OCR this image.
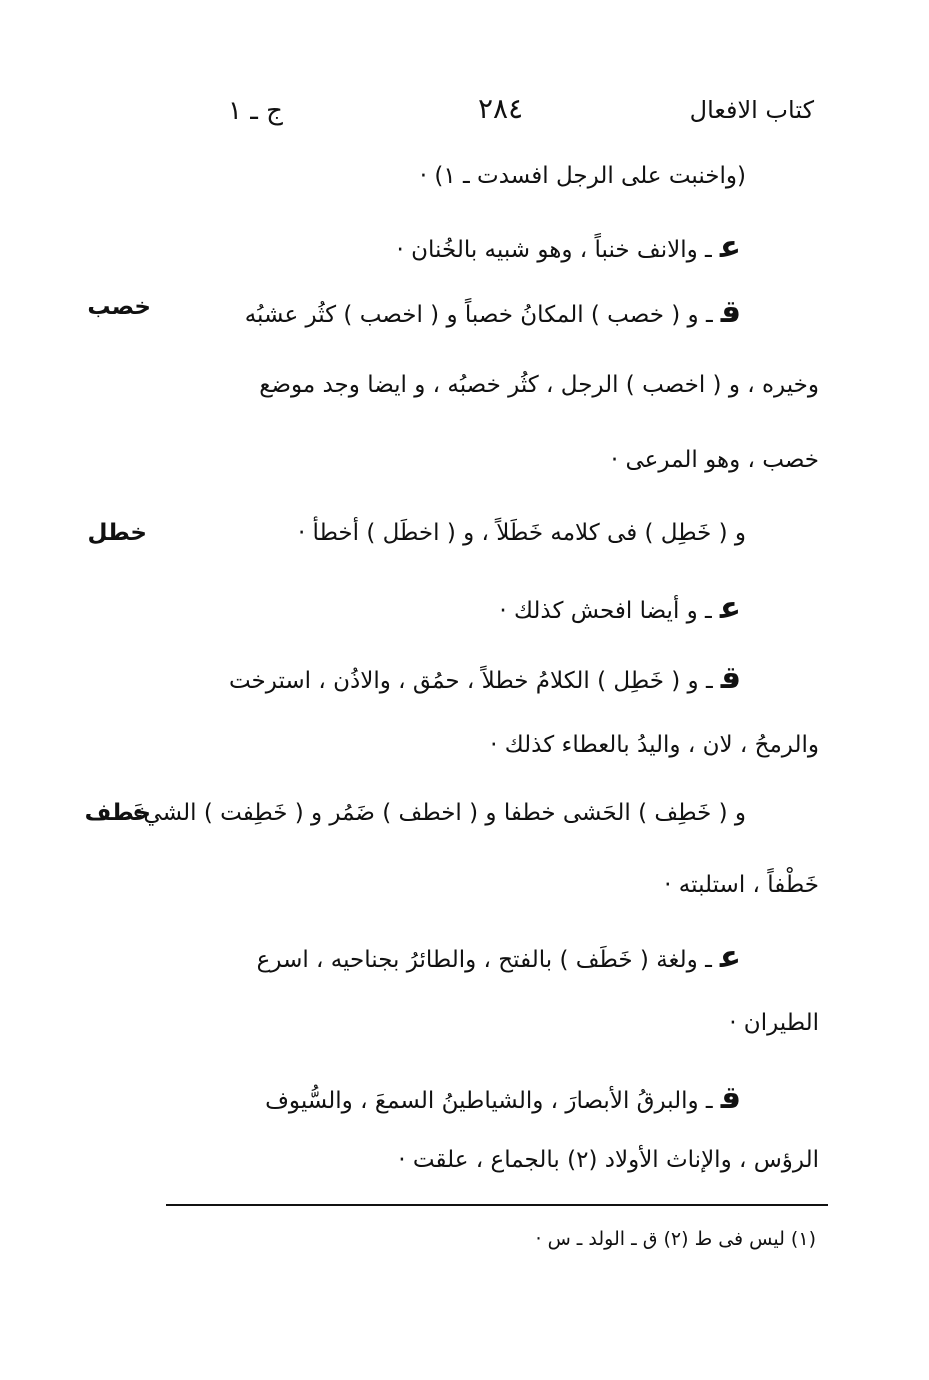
كتاب الافعال
٢٨٤
ج ـ ١
(واخنبت على الرجل افسدت ـ ١) ·
عـ والانف خنباً ، وهو شبيه بالخُنان ·
قـ و ( خصب ) المكانُ خصباً و ( اخصب ) كثُر عشبُه
وخيره ، و ( اخصب ) الرجل ، كثُر خصبُه ، و ايضا وجد موضع
خصب ، وهو المرعى ·
و ( خَطِل ) فى كلامه خَطَلاً ، و ( اخطَل ) أخطأ ·
عـ و أيضا افحش كذلك ·
قـ و ( خَطِل ) الكلامُ خطلاً ، حمُق ، والاذُن ، استرخت
والرمحُ ، لان ، واليدُ بالعطاء كذلك ·
و ( خَطِف ) الحَشى خطفا و ( اخطف ) ضَمُر و ( خَطِفت ) الشيءَ
خَطْفاً ، استلبته ·
عـ ولغة ( خَطَف ) بالفتح ، والطائرُ بجناحيه ، اسرع
الطيران ·
قـ والبرقُ الأبصارَ ، والشياطينُ السمعَ ، والسُّيوف
الرؤس ، والإناث الأولاد (٢) بالجماع ، علقت ·
خصب
خطل
خطف
(١) ليس فى ط (٢) ق ـ الولد ـ س ·
